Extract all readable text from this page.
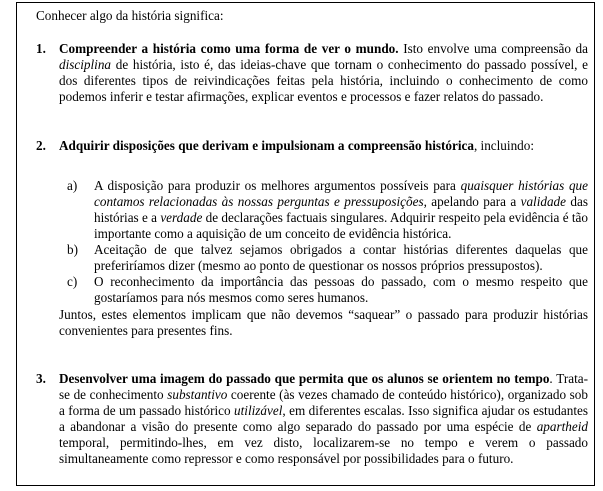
Conhecer algo da história significa:
1. Compreender a história como uma forma de ver o mundo. Isto envolve uma compreensão da disciplina de história, isto é, das ideias-chave que tornam o conhecimento do passado possível, e dos diferentes tipos de reivindicações feitas pela história, incluindo o conhecimento de como podemos inferir e testar afirmações, explicar eventos e processos e fazer relatos do passado.
2. Adquirir disposições que derivam e impulsionam a compreensão histórica, incluindo:
a) A disposição para produzir os melhores argumentos possíveis para quaisquer histórias que contamos relacionadas às nossas perguntas e pressuposições, apelando para a validade das histórias e a verdade de declarações factuais singulares. Adquirir respeito pela evidência é tão importante como a aquisição de um conceito de evidência histórica.
b) Aceitação de que talvez sejamos obrigados a contar histórias diferentes daquelas que preferiríamos dizer (mesmo ao ponto de questionar os nossos próprios pressupostos).
c) O reconhecimento da importância das pessoas do passado, com o mesmo respeito que gostaríamos para nós mesmos como seres humanos.
Juntos, estes elementos implicam que não devemos “saquear” o passado para produzir histórias convenientes para presentes fins.
3. Desenvolver uma imagem do passado que permita que os alunos se orientem no tempo. Trata-se de conhecimento substantivo coerente (às vezes chamado de conteúdo histórico), organizado sob a forma de um passado histórico utilizável, em diferentes escalas. Isso significa ajudar os estudantes a abandonar a visão do presente como algo separado do passado por uma espécie de apartheid temporal, permitindo-lhes, em vez disto, localizarem-se no tempo e verem o passado simultaneamente como repressor e como responsável por possibilidades para o futuro.
